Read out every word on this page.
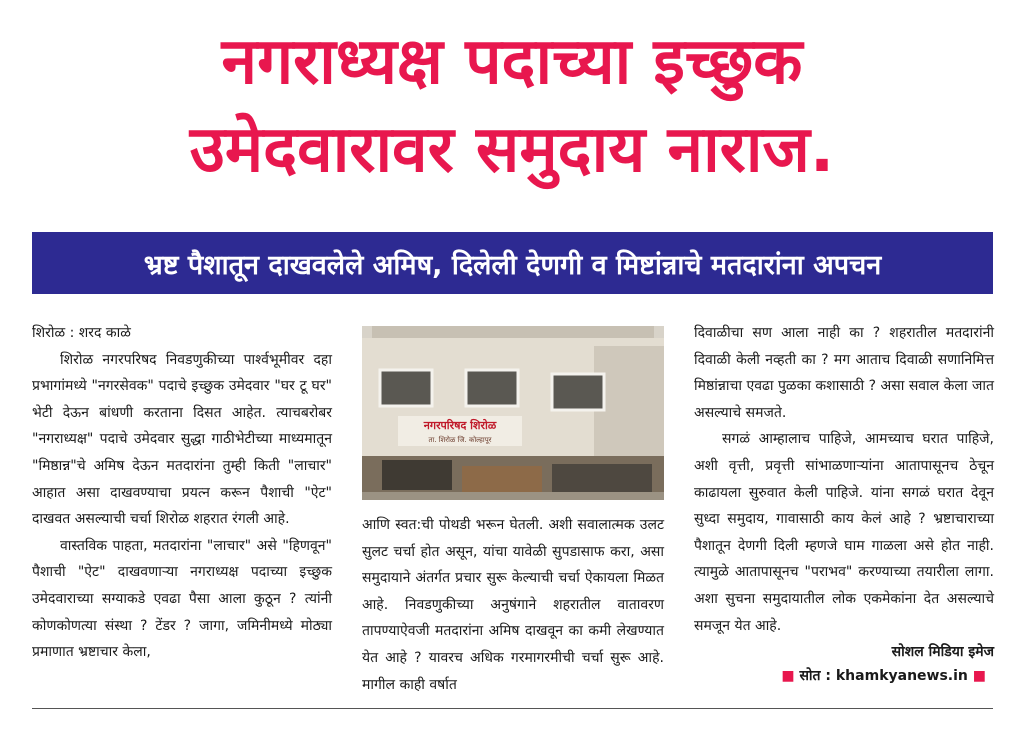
नगराध्यक्ष पदाच्या इच्छुक
उमेदवारावर समुदाय नाराज.
भ्रष्ट पैशातून दाखवलेले अमिष, दिलेली देणगी व मिष्टांन्नाचे मतदारांना अपचन

शिरोळ : शरद काळे

शिरोळ नगरपरिषद निवडणुकीच्या पार्श्वभूमीवर दहा प्रभागांमध्ये "नगरसेवक" पदाचे इच्छुक उमेदवार "घर टू घर" भेटी देऊन बांधणी करताना दिसत आहेत. त्याचबरोबर "नगराध्यक्ष" पदाचे उमेदवार सुद्धा गाठीभेटीच्या माध्यमातून "मिष्ठान्न"चे अमिष देऊन मतदारांना तुम्ही किती "लाचार" आहात असा दाखवण्याचा प्रयत्न करून पैशाची "ऐट" दाखवत असल्याची चर्चा शिरोळ शहरात रंगली आहे.

वास्तविक पाहता, मतदारांना "लाचार" असे "हिणवून" पैशाची "ऐट" दाखवणाऱ्या नगराध्यक्ष पदाच्या इच्छुक उमेदवाराच्या सग्याकडे एवढा पैसा आला कुठून ? त्यांनी कोणकोणत्या संस्था ? टेंडर ? जागा, जमिनीमध्ये मोठ्या प्रमाणात भ्रष्टाचार केला,

नगरपरिषद शिरोळ
ता. शिरोळ जि. कोल्हापूर

आणि स्वत:ची पोथडी भरून घेतली. अशी सवालात्मक उलट सुलट चर्चा होत असून, यांचा यावेळी सुपडासाफ करा, असा समुदायाने अंतर्गत प्रचार सुरू केल्याची चर्चा ऐकायला मिळत आहे. निवडणुकीच्या अनुषंगाने शहरातील वातावरण तापण्याऐवजी मतदारांना अमिष दाखवून का कमी लेखण्यात येत आहे ? यावरच अधिक गरमागरमीची चर्चा सुरू आहे. मागील काही वर्षात

दिवाळीचा सण आला नाही का ? शहरातील मतदारांनी दिवाळी केली नव्हती का ? मग आताच दिवाळी सणानिमित्त मिष्ठांन्नाचा एवढा पुळका कशासाठी ? असा सवाल केला जात असल्याचे समजते.

सगळं आम्हालाच पाहिजे, आमच्याच घरात पाहिजे, अशी वृत्ती, प्रवृत्ती सांभाळणाऱ्यांना आतापासूनच ठेचून काढायला सुरुवात केली पाहिजे. यांना सगळं घरात देवून सुध्दा समुदाय, गावासाठी काय केलं आहे ? भ्रष्टाचाराच्या पैशातून देणगी दिली म्हणजे घाम गाळला असे होत नाही. त्यामुळे आतापासूनच "पराभव" करण्याच्या तयारीला लागा. अशा सुचना समुदायातील लोक एकमेकांना देत असल्याचे समजून येत आहे.

सोशल मिडिया इमेज

■ सोत : khamkyanews.in ■
